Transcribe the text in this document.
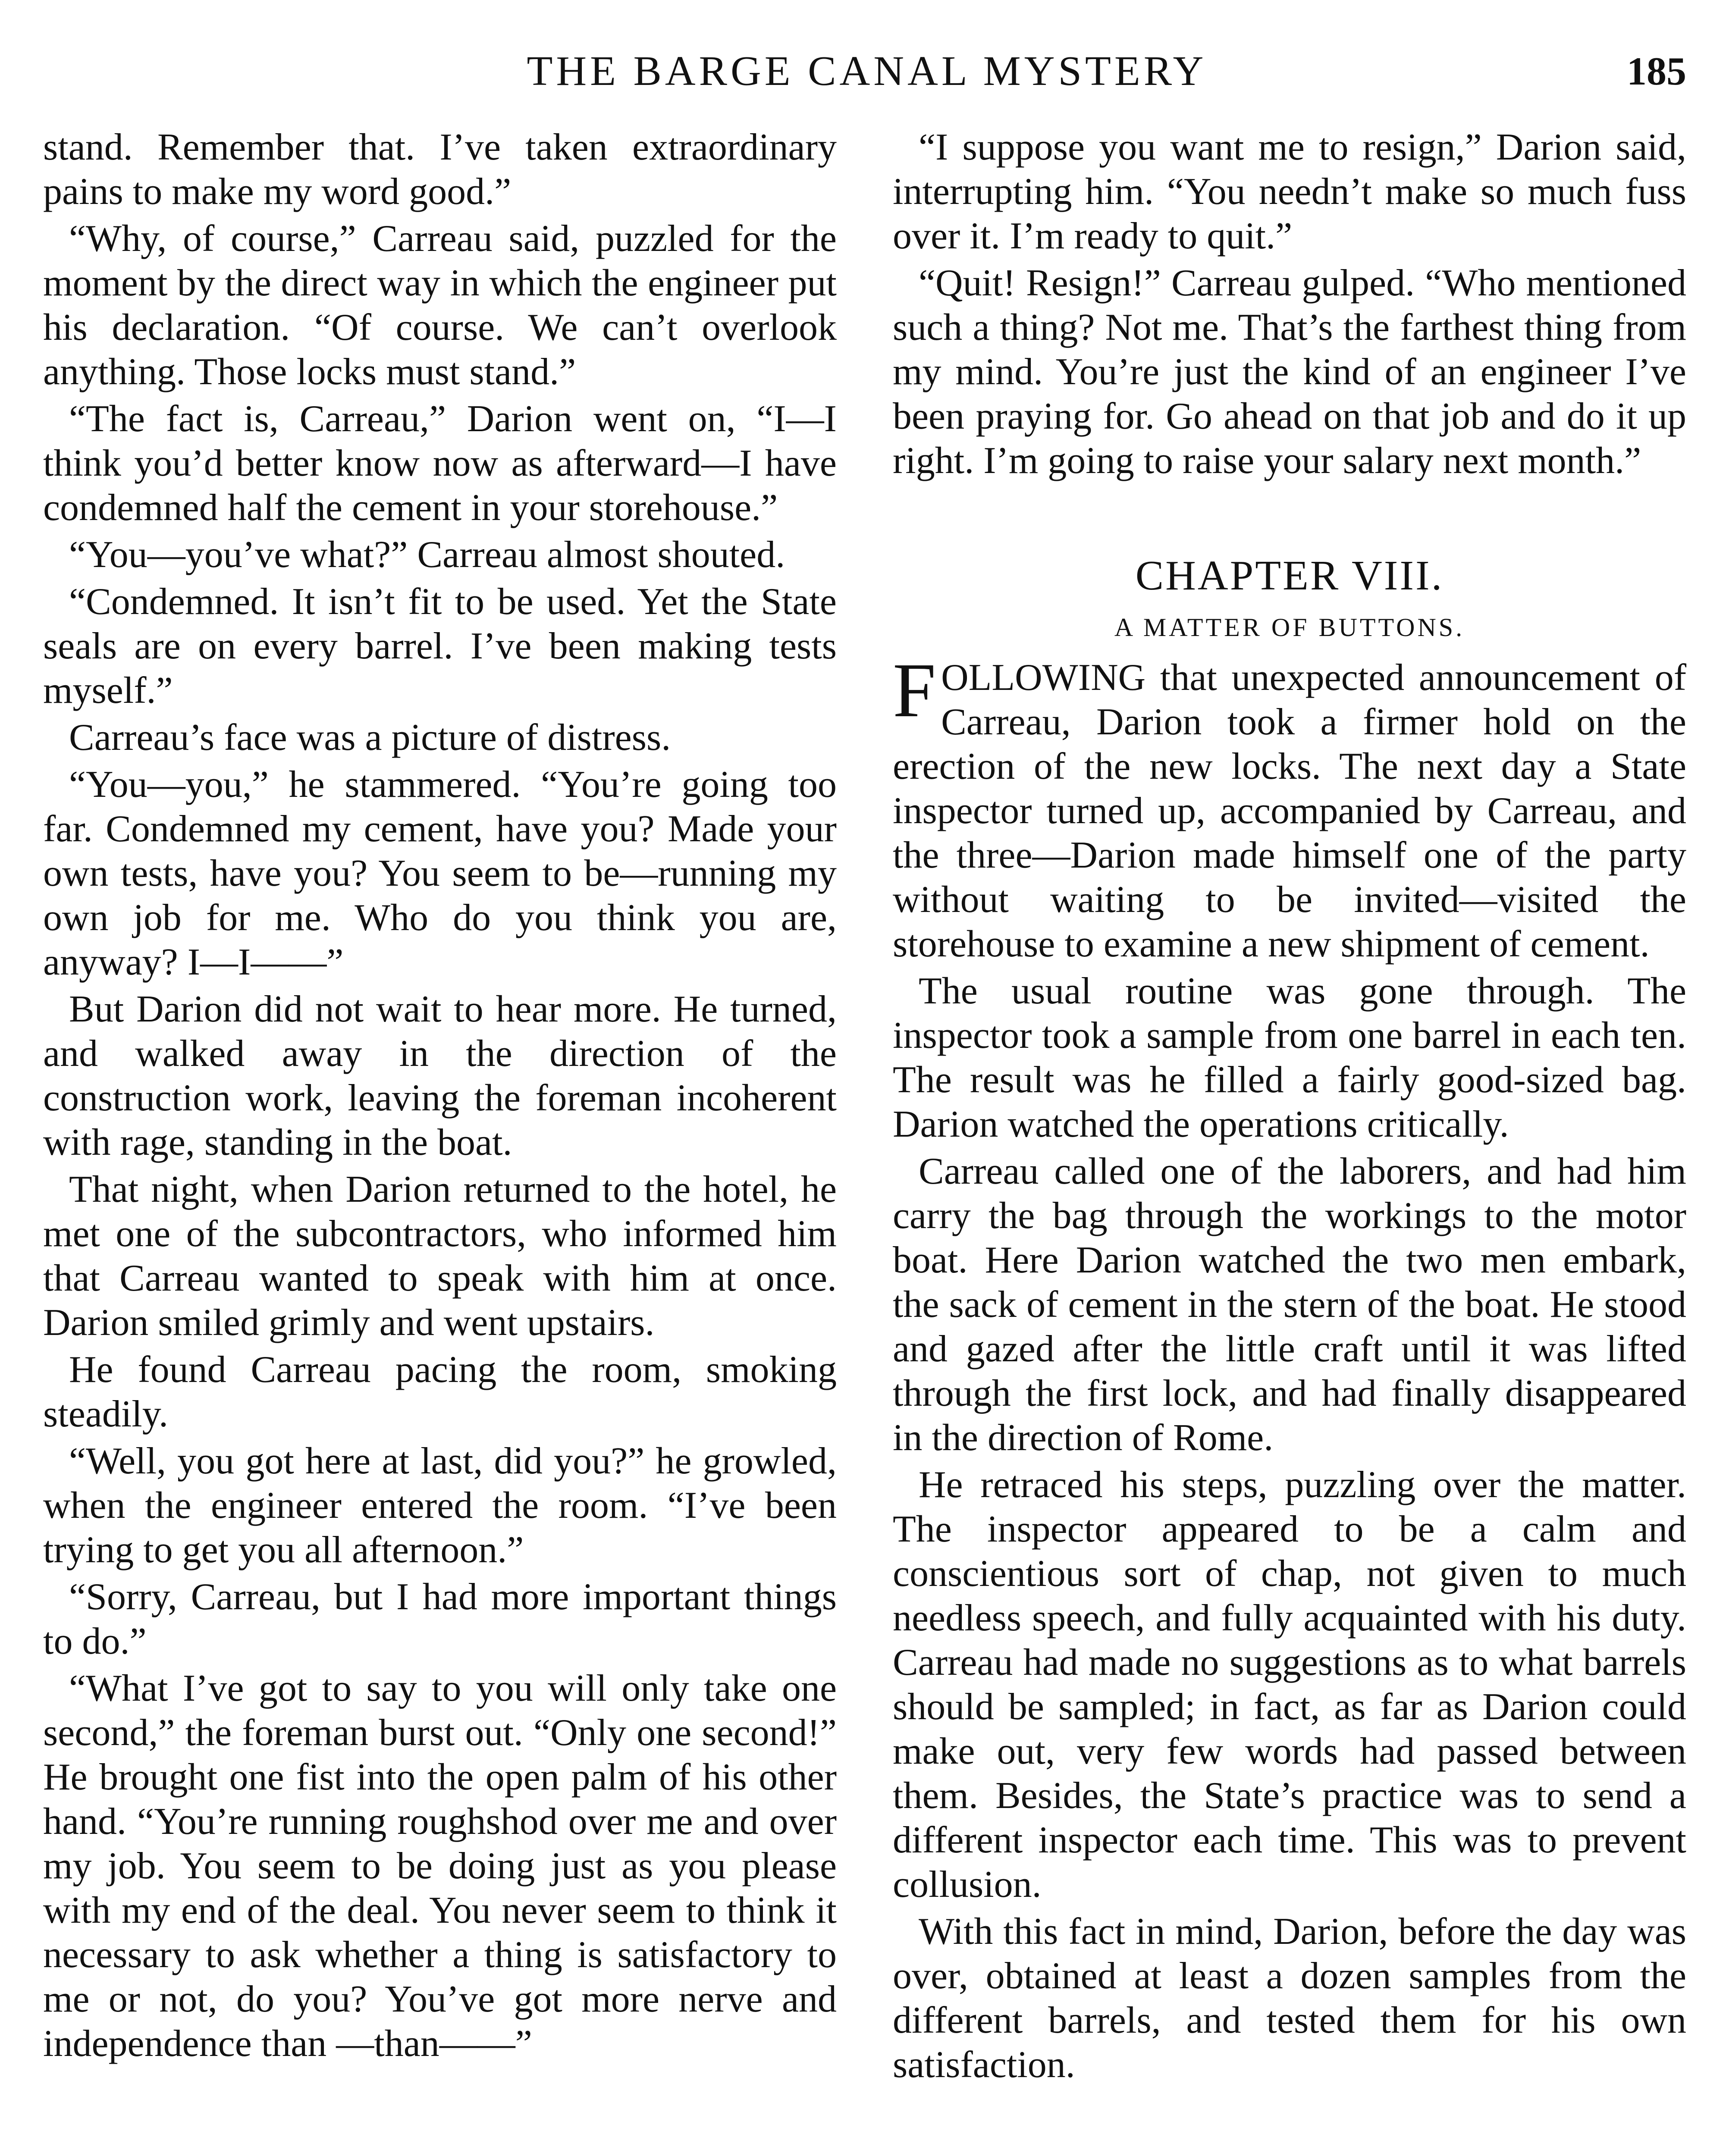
THE BARGE CANAL MYSTERY	185

stand. Remember that. I’ve taken extraordinary pains to make my word good.”

“Why, of course,” Carreau said, puzzled for the moment by the direct way in which the engineer put his declaration. “Of course. We can’t overlook anything. Those locks must stand.”

“The fact is, Carreau,” Darion went on, “I—I think you’d better know now as afterward—I have condemned half the cement in your storehouse.”

“You—you’ve what?” Carreau almost shouted.

“Condemned. It isn’t fit to be used. Yet the State seals are on every barrel. I’ve been making tests myself.”

Carreau’s face was a picture of distress.

“You—you,” he stammered. “You’re going too far. Condemned my cement, have you? Made your own tests, have you? You seem to be—running my own job for me. Who do you think you are, anyway? I—I——”

But Darion did not wait to hear more. He turned, and walked away in the direction of the construction work, leaving the foreman incoherent with rage, standing in the boat.

That night, when Darion returned to the hotel, he met one of the subcontractors, who informed him that Carreau wanted to speak with him at once. Darion smiled grimly and went upstairs.

He found Carreau pacing the room, smoking steadily.

“Well, you got here at last, did you?” he growled, when the engineer entered the room. “I’ve been trying to get you all afternoon.”

“Sorry, Carreau, but I had more important things to do.”

“What I’ve got to say to you will only take one second,” the foreman burst out. “Only one second!” He brought one fist into the open palm of his other hand. “You’re running roughshod over me and over my job. You seem to be doing just as you please with my end of the deal. You never seem to think it necessary to ask whether a thing is satisfactory to me or not, do you? You’ve got more nerve and independence than —than——”

“I suppose you want me to resign,” Darion said, interrupting him. “You needn’t make so much fuss over it. I’m ready to quit.”

“Quit! Resign!” Carreau gulped. “Who mentioned such a thing? Not me. That’s the farthest thing from my mind. You’re just the kind of an engineer I’ve been praying for. Go ahead on that job and do it up right. I’m going to raise your salary next month.”

CHAPTER VIII.
A MATTER OF BUTTONS.

FOLLOWING that unexpected announcement of Carreau, Darion took a firmer hold on the erection of the new locks. The next day a State inspector turned up, accompanied by Carreau, and the three—Darion made himself one of the party without waiting to be invited—visited the storehouse to examine a new shipment of cement.

The usual routine was gone through. The inspector took a sample from one barrel in each ten. The result was he filled a fairly good-sized bag. Darion watched the operations critically.

Carreau called one of the laborers, and had him carry the bag through the workings to the motor boat. Here Darion watched the two men embark, the sack of cement in the stern of the boat. He stood and gazed after the little craft until it was lifted through the first lock, and had finally disappeared in the direction of Rome.

He retraced his steps, puzzling over the matter. The inspector appeared to be a calm and conscientious sort of chap, not given to much needless speech, and fully acquainted with his duty. Carreau had made no suggestions as to what barrels should be sampled; in fact, as far as Darion could make out, very few words had passed between them. Besides, the State’s practice was to send a different inspector each time. This was to prevent collusion.

With this fact in mind, Darion, before the day was over, obtained at least a dozen samples from the different barrels, and tested them for his own satisfaction.
